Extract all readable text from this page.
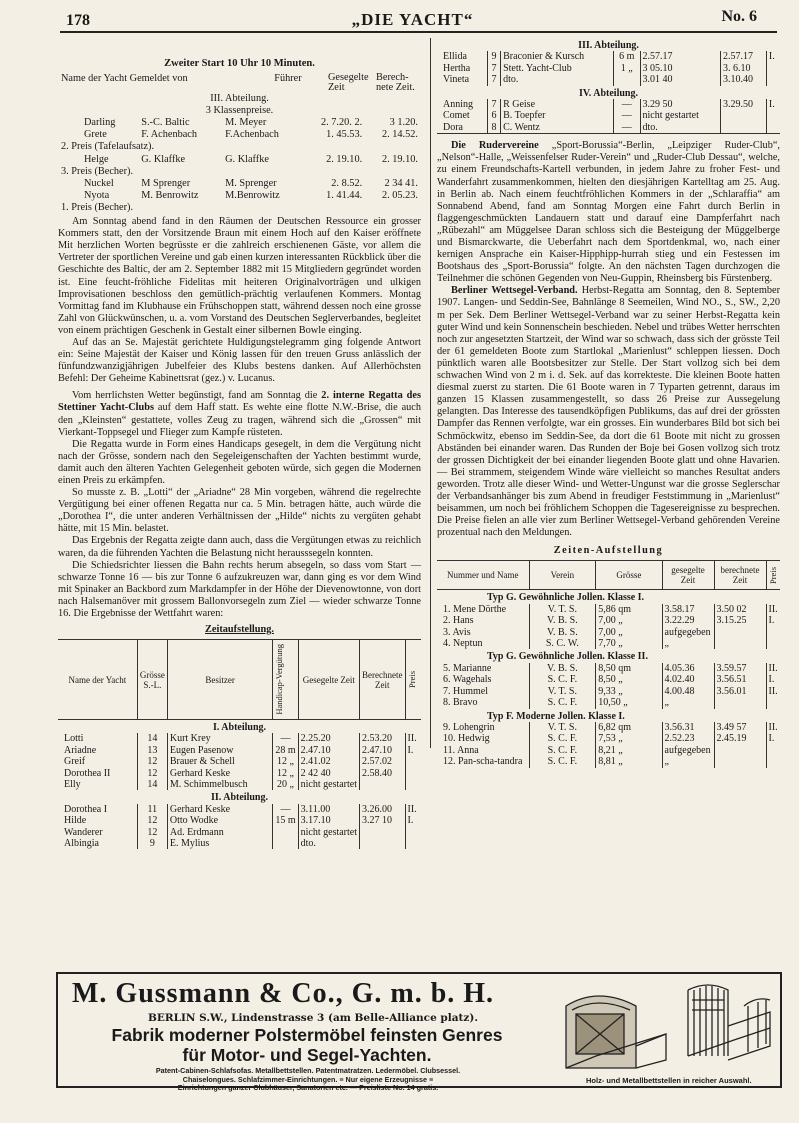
178	„DIE YACHT“	No. 6
Zweiter Start 10 Uhr 10 Minuten.
Name der Yacht Gemeldet von	Führer	Gesegelte Zeit	Berech- nete Zeit.
III. Abteilung.
3 Klassenpreise.
Darling	S.-C. Baltic	M. Meyer	2. 7.20. 2.	3 1.20.
Grete	F. Achenbach	F.Achenbach	1. 45.53.	2. 14.52.
2. Preis (Tafelaufsatz).				
Helge	G. Klaffke	G. Klaffke	2. 19.10.	2. 19.10.
3. Preis (Becher).				
Nuckel	M Sprenger	M. Sprenger	2. 8.52.	2 34 41.
Nyota	M. Benrowitz	M.Benrowitz	1. 41.44.	2. 05.23.
1. Preis (Becher).				

Am Sonntag abend fand in den Räumen der Deutschen Ressource ein grosser Kommers statt, den der Vorsitzende Braun mit einem Hoch auf den Kaiser eröffnete Mit herzlichen Worten begrüsste er die zahlreich erschienenen Gäste, vor allem die Vertreter der sportlichen Vereine und gab einen kurzen interessanten Rückblick über die Geschichte des Baltic, der am 2. September 1882 mit 15 Mitgliedern gegründet worden ist. Eine feucht-fröhliche Fidelitas mit heiteren Originalvorträgen und ulkigen Improvisationen beschloss den gemütlich-prächtig verlaufenen Kommers. Montag Vormittag fand im Klubhause ein Frühschoppen statt, während dessen noch eine grosse Zahl von Glückwünschen, u. a. vom Vorstand des Deutschen Seglerverbandes, begleitet von einem prächtigen Geschenk in Gestalt einer silbernen Bowle einging.

Auf das an Se. Majestät gerichtete Huldigungstelegramm ging folgende Antwort ein: Seine Majestät der Kaiser und König lassen für den treuen Gruss anlässlich der fünfundzwanzigjährigen Jubelfeier des Klubs bestens danken. Auf Allerhöchsten Befehl: Der Geheime Kabinettsrat (gez.) v. Lucanus.

Vom herrlichsten Wetter begünstigt, fand am Sonntag die 2. interne Regatta des Stettiner Yacht-Clubs auf dem Haff statt. Es wehte eine flotte N.W.-Brise, die auch den „Kleinsten“ gestattete, volles Zeug zu tragen, während sich die „Grossen“ mit Vierkant-Toppsegel und Flieger zum Kampfe rüsteten.

Die Regatta wurde in Form eines Handicaps gesegelt, in dem die Vergütung nicht nach der Grösse, sondern nach den Segeleigenschaften der Yachten bestimmt wurde, damit auch den älteren Yachten Gelegenheit geboten würde, sich gegen die Modernen einen Preis zu erkämpfen.

So musste z. B. „Lotti“ der „Ariadne“ 28 Min vorgeben, während die regelrechte Vergütigung bei einer offenen Regatta nur ca. 5 Min. betragen hätte, auch würde die „Dorothea I“, die unter anderen Verhältnissen der „Hilde“ nichts zu vergüten gehabt hätte, mit 15 Min. belastet.

Das Ergebnis der Regatta zeigte dann auch, dass die Vergütungen etwas zu reichlich waren, da die führenden Yachten die Belastung nicht herausssegeln konnten.

Die Schiedsrichter liessen die Bahn rechts herum absegeln, so dass vom Start — schwarze Tonne 16 — bis zur Tonne 6 aufzukreuzen war, dann ging es vor dem Wind mit Spinaker an Backbord zum Markdampfer in der Höhe der Dievenowtonne, von dort nach Halsemanöver mit grossem Ballonvorsegeln zum Ziel — wieder schwarze Tonne 16. Die Ergebnisse der Wettfahrt waren:

Zeitaufstellung.
Name der Yacht	Grösse S.-L.	Besitzer	Handicap-Vergütung	Gesegelte Zeit	Berechnete Zeit	Preis

I. Abteilung.						
Lotti	14	Kurt Krey	—	2.25.20	2.53.20	II.
Ariadne	13	Eugen Pasenow	28 m	2.47.10	2.47.10	I.
Greif	12	Brauer & Schell	12 „	2.41.02	2.57.02	
Dorothea II	12	Gerhard Keske	12 „	2 42 40	2.58.40	
Elly	14	M. Schimmelbusch	20 „	nicht gestartet		
II. Abteilung.						
Dorothea I	11	Gerhard Keske	—	3.11.00	3.26.00	II.
Hilde	12	Otto Wodke	15 m	3.17.10	3.27 10	I.
Wanderer	12	Ad. Erdmann		nicht gestartet		
Albingia	9	E. Mylius		dto.		
III. Abteilung.						
Ellida	9	Braconier & Kursch	6 m	2.57.17	2.57.17	I.
Hertha	7	Stett. Yacht-Club	1 „	3 05.10	3. 6.10	
Vineta	7	dto.		3.01 40	3.10.40	
IV. Abteilung.						
Anning	7	R Geise	—	3.29 50	3.29.50	I.
Comet	6	B. Toepfer	—	nicht gestartet		
Dora	8	C. Wentz	—	dto.		

Die Rudervereine „Sport-Borussia“-Berlin, „Leipziger Ruder-Club“, „Nelson“-Halle, „Weissenfelser Ruder-Verein“ und „Ruder-Club Dessau“, welche, zu einem Freundschafts-Kartell verbunden, in jedem Jahre zu froher Fest- und Wanderfahrt zusammenkommen, hielten den diesjährigen Kartelltag am 25. Aug. in Berlin ab. Nach einem feuchtfröhlichen Kommers in der „Schlaraffia“ am Sonnabend Abend, fand am Sonntag Morgen eine Fahrt durch Berlin in flaggengeschmückten Landauern statt und darauf eine Dampferfahrt nach „Rübezahl“ am Müggelsee Daran schloss sich die Besteigung der Müggelberge und Bismarckwarte, die Ueberfahrt nach dem Sportdenkmal, wo, nach einer kernigen Ansprache ein Kaiser-Hipphipp-hurrah stieg und ein Festessen im Bootshaus des „Sport-Borussia“ folgte. An den nächsten Tagen durchzogen die Teilnehmer die schönen Gegenden von Neu-Guppin, Rheinsberg bis Fürstenberg.

Berliner Wettsegel-Verband. Herbst-Regatta am Sonntag, den 8. September 1907. Langen- und Seddin-See, Bahnlänge 8 Seemeilen, Wind NO., S., SW., 2,20 m per Sek. Dem Berliner Wettsegel-Verband war zu seiner Herbst-Regatta kein guter Wind und kein Sonnenschein beschieden. Nebel und trübes Wetter herrschten noch zur angesetzten Startzeit, der Wind war so schwach, dass sich der grösste Teil der 61 gemeldeten Boote zum Startlokal „Marienlust“ schleppen liessen. Doch pünktlich waren alle Bootsbesitzer zur Stelle. Der Start vollzog sich bei dem schwachen Wind von 2 m i. d. Sek. auf das korrekteste. Die kleinen Boote hatten diesmal zuerst zu starten. Die 61 Boote waren in 7 Typarten getrennt, daraus im ganzen 15 Klassen zusammengestellt, so dass 26 Preise zur Aussegelung gelangten. Das Interesse des tausendköpfigen Publikums, das auf drei der grössten Dampfer das Rennen verfolgte, war ein grosses. Ein wunderbares Bild bot sich bei Schmöckwitz, ebenso im Seddin-See, da dort die 61 Boote mit nicht zu grossen Abständen bei einander waren. Das Runden der Boje bei Gosen vollzog sich trotz der grossen Dichtigkeit der bei einander liegenden Boote glatt und ohne Havarien. — Bei strammem, steigendem Winde wäre vielleicht so manches Resultat anders geworden. Trotz alle dieser Wind- und Wetter-Ungunst war die grosse Seglerschar der Verbandsanhänger bis zum Abend in freudiger Feststimmung in „Marienlust“ beisammen, um noch bei fröhlichem Schoppen die Tagesereignisse zu besprechen. Die Preise fielen an alle vier zum Berliner Wettsegel-Verband gehörenden Vereine prozentual nach den Meldungen.

Zeiten-Aufstellung
Nummer und Name	Verein	Grösse	gesegelte Zeit	berechnete Zeit	Preis

Typ G. Gewöhnliche Jollen. Klasse I.					
1. Mene Dörthe	V. T. S.	5,86 qm	3.58.17	3.50 02	II.
2. Hans	V. B. S.	7,00 „	3.22.29	3.15.25	I.
3. Avis	V. B. S.	7,00 „	aufgegeben		
4. Neptun	S. C. W.	7,70 „	„		
Typ G. Gewöhnliche Jollen. Klasse II.					
5. Marianne	V. B. S.	8,50 qm	4.05.36	3.59.57	II.
6. Wagehals	S. C. F.	8,50 „	4.02.40	3.56.51	I.
7. Hummel	V. T. S.	9,33 „	4.00.48	3.56.01	II.
8. Bravo	S. C. F.	10,50 „	„		
Typ F. Moderne Jollen. Klasse I.					
9. Lohengrin	V. T. S.	6,82 qm	3.56.31	3.49 57	II.
10. Hedwig	S. C. F.	7,53 „	2.52.23	2.45.19	I.
11. Anna	S. C. F.	8,21 „	aufgegeben		
12. Pan-scha-tandra	S. C. F.	8,81 „	„		
M. Gussmann & Co., G. m. b. H.
BERLIN S.W., Lindenstrasse 3 (am Belle-Alliance platz).
Fabrik moderner Polstermöbel feinsten Genres
für Motor- und Segel-Yachten.
Patent-Cabinen-Schlafsofas. Metallbettstellen. Patentmatratzen. Ledermöbel. Clubsessel.
Chaiselongues. Schlafzimmer-Einrichtungen. ≡ Nur eigene Erzeugnisse ≡
Einrichtungen ganzer Clubhäuser, Sanatorien etc. — Preisliste No. 14 gratis.
Holz- und Metallbettstellen in reicher Auswahl.
